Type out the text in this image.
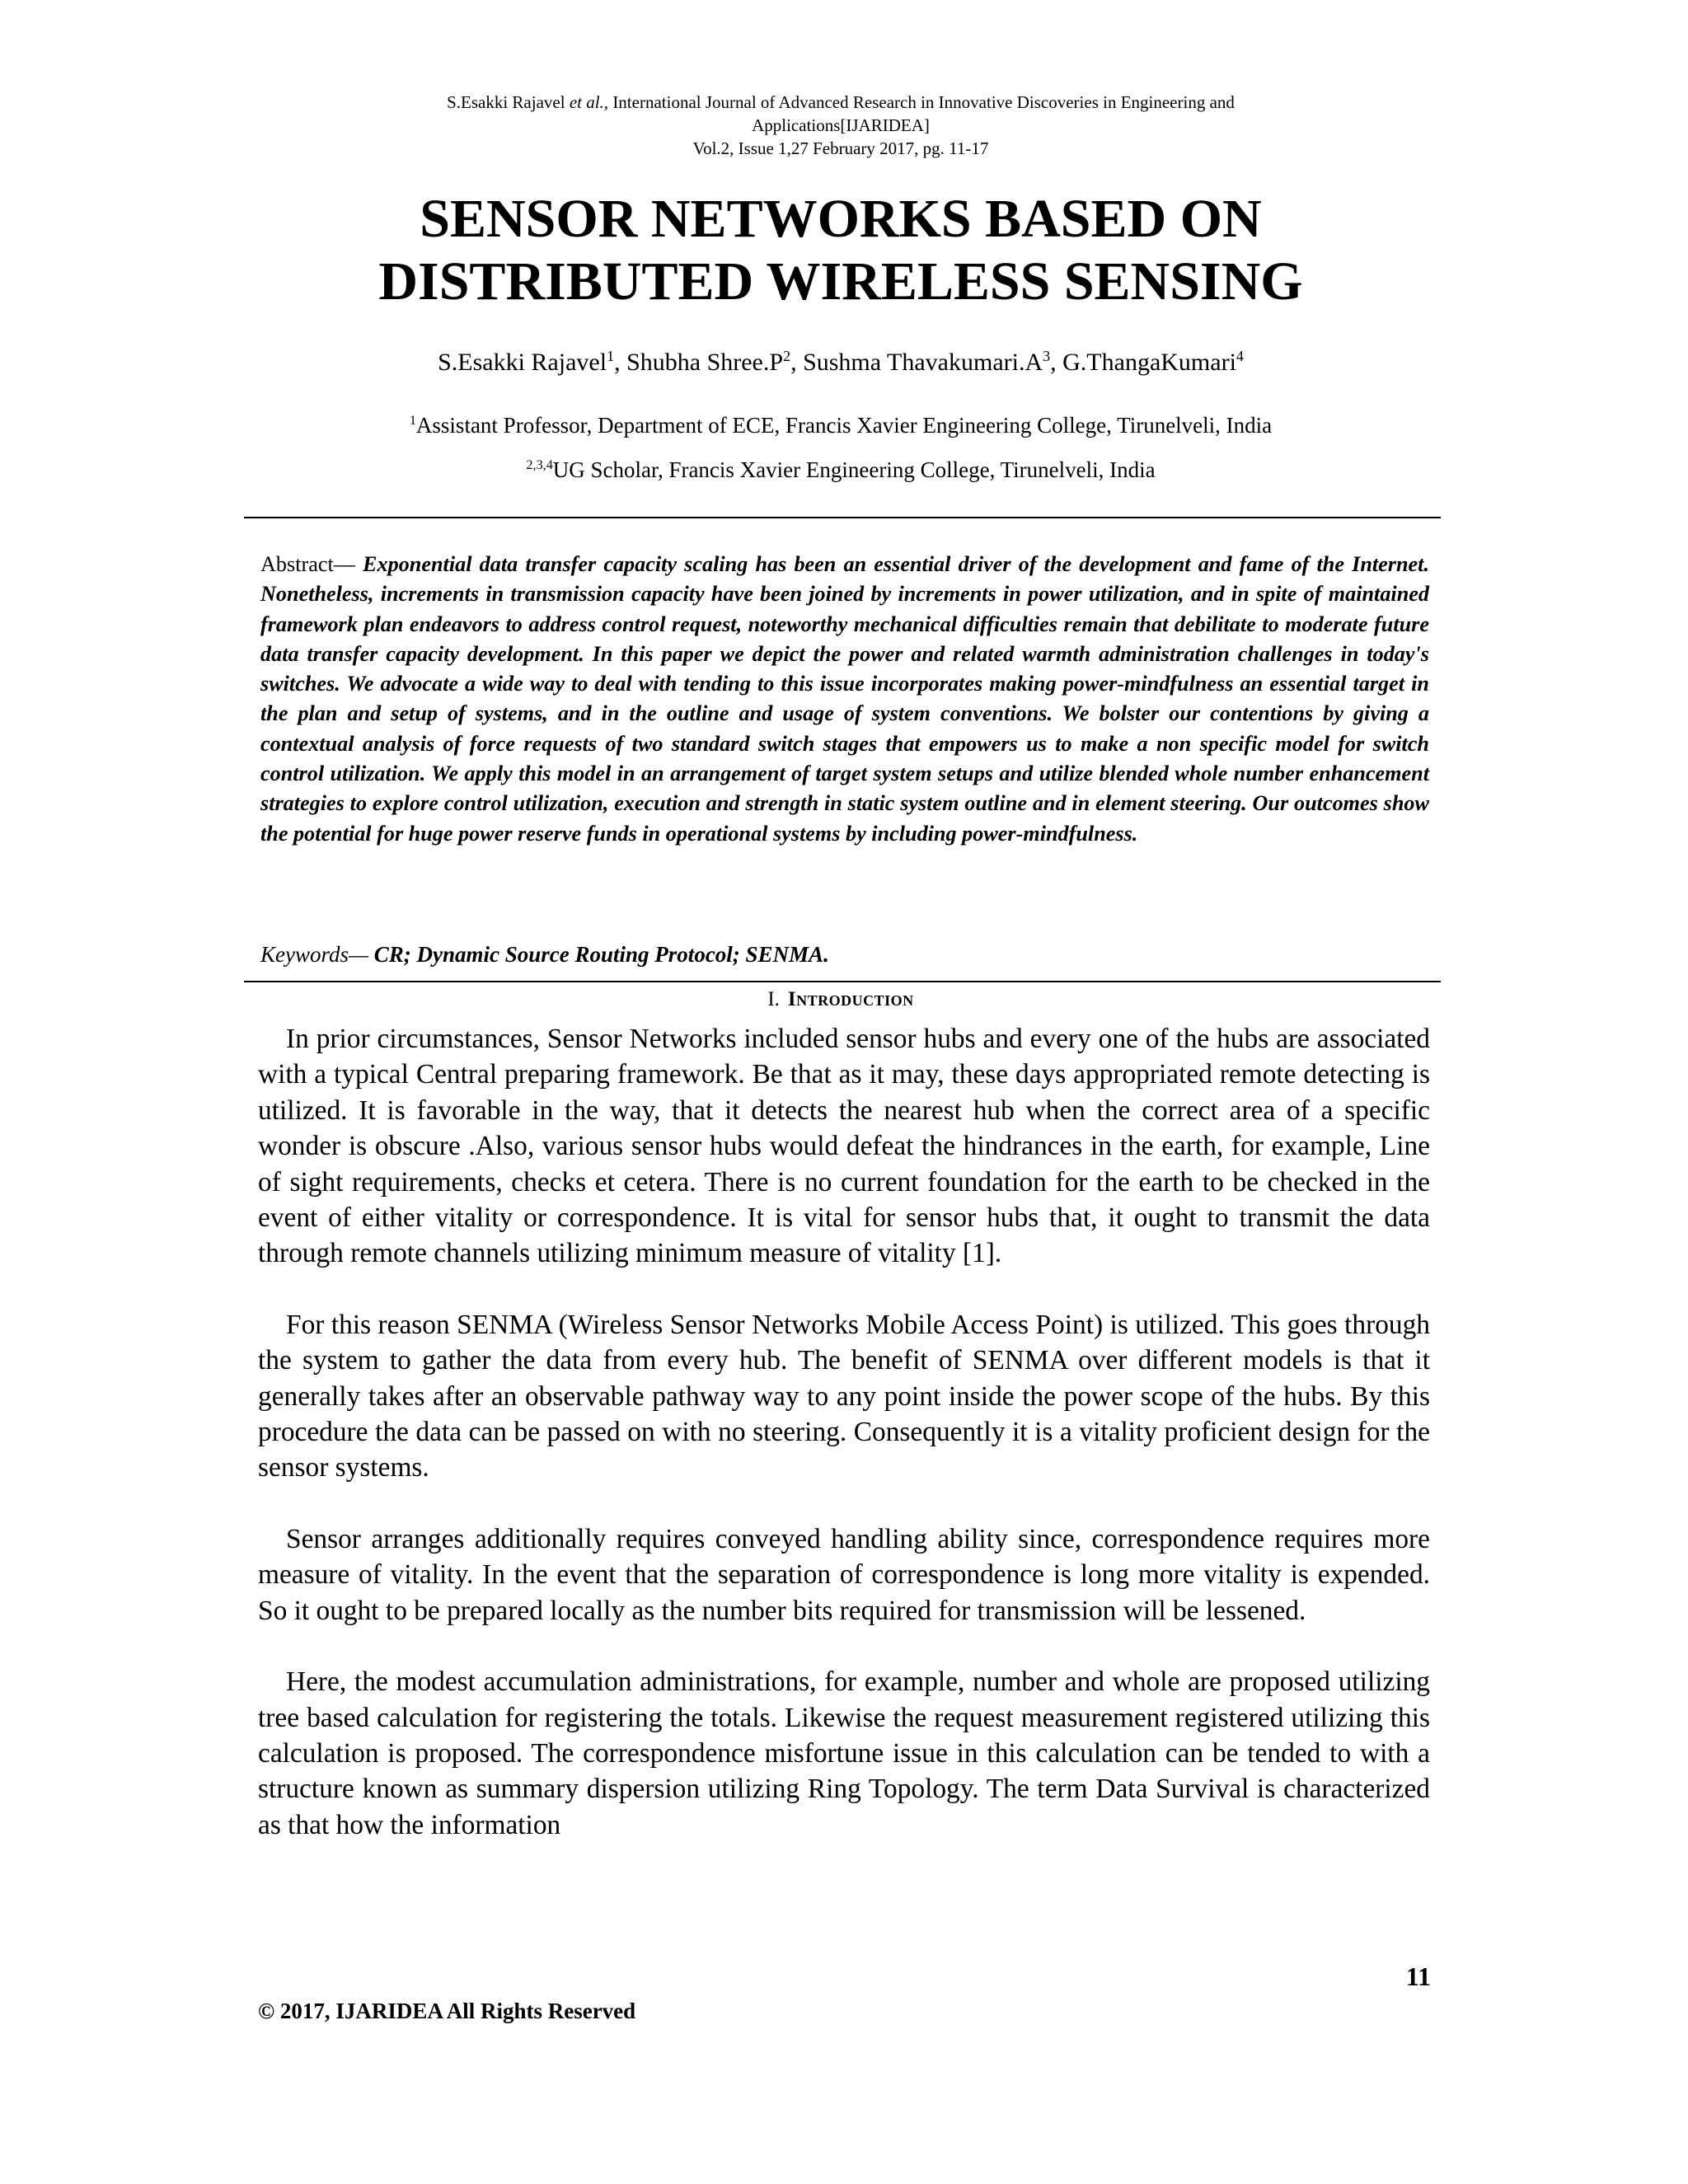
S.Esakki Rajavel et al., International Journal of Advanced Research in Innovative Discoveries in Engineering and
Applications[IJARIDEA]
Vol.2, Issue 1,27 February 2017, pg. 11-17
SENSOR NETWORKS BASED ON
DISTRIBUTED WIRELESS SENSING
S.Esakki Rajavel$^1$, Shubha $Shree.P^2$, Sushma $Thavakumari.A^3$, G.ThangaKumari$^4$
$^1$Assistant Professor, Department of ECE, Francis Xavier Engineering College, Tirunelveli, India
$^{2,3,4}$UG Scholar, Francis Xavier Engineering College, Tirunelveli, India

Abstract— Exponential data transfer capacity scaling has been an essential driver of the development and fame of the Internet. Nonetheless, increments in transmission capacity have been joined by increments in power utilization, and in spite of maintained framework plan endeavors to address control request, noteworthy mechanical difficulties remain that debilitate to moderate future data transfer capacity development. In this paper we depict the power and related warmth administration challenges in today's switches. We advocate a wide way to deal with tending to this issue incorporates making power-mindfulness an essential target in the plan and setup of systems, and in the outline and usage of system conventions. We bolster our contentions by giving a contextual analysis of force requests of two standard switch stages that empowers us to make a non specific model for switch control utilization. We apply this model in an arrangement of target system setups and utilize blended whole number enhancement strategies to explore control utilization, execution and strength in static system outline and in element steering. Our outcomes show the potential for huge power reserve funds in operational systems by including power-mindfulness.

Keywords— CR; Dynamic Source Routing Protocol; SENMA.

I. Introduction

In prior circumstances, Sensor Networks included sensor hubs and every one of the hubs are associated with a typical Central preparing framework. Be that as it may, these days appropriated remote detecting is utilized. It is favorable in the way, that it detects the nearest hub when the correct area of a specific wonder is obscure .Also, various sensor hubs would defeat the hindrances in the earth, for example, Line of sight requirements, checks et cetera. There is no current foundation for the earth to be checked in the event of either vitality or correspondence. It is vital for sensor hubs that, it ought to transmit the data through remote channels utilizing minimum measure of vitality [1].

For this reason SENMA (Wireless Sensor Networks Mobile Access Point) is utilized. This goes through the system to gather the data from every hub. The benefit of SENMA over different models is that it generally takes after an observable pathway way to any point inside the power scope of the hubs. By this procedure the data can be passed on with no steering. Consequently it is a vitality proficient design for the sensor systems.

Sensor arranges additionally requires conveyed handling ability since, correspondence requires more measure of vitality. In the event that the separation of correspondence is long more vitality is expended. So it ought to be prepared locally as the number bits required for transmission will be lessened.

Here, the modest accumulation administrations, for example, number and whole are proposed utilizing tree based calculation for registering the totals. Likewise the request measurement registered utilizing this calculation is proposed. The correspondence misfortune issue in this calculation can be tended to with a structure known as summary dispersion utilizing Ring Topology. The term Data Survival is characterized as that how the information

11
© 2017, IJARIDEA All Rights Reserved
